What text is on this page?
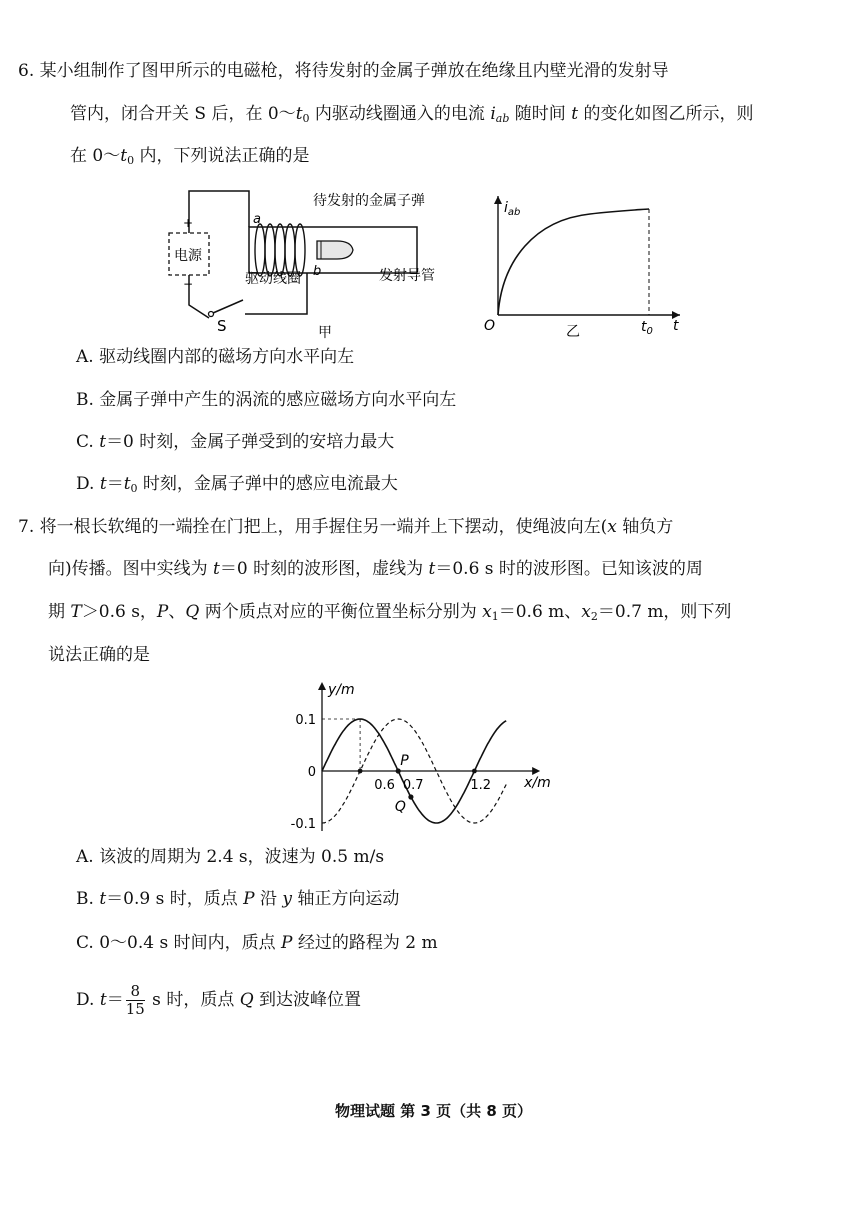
6. 某小组制作了图甲所示的电磁枪，将待发射的金属子弹放在绝缘且内壁光滑的发射导
管内，闭合开关 S 后，在 $0\sim t_0$ 内驱动线圈通入的电流 $i_{ab}$ 随时间 t 的变化如图乙所示，则
在 $0\sim t_0$ 内，下列说法正确的是
S
电源
+
−
a
b
待发射的金属子弹
驱动线圈	发射导管
甲
$i_{ab}$
O	$t_0$ t
乙
A. 驱动线圈内部的磁场方向水平向左
B. 金属子弹中产生的涡流的感应磁场方向水平向左
C. t＝0 时刻，金属子弹受到的安培力最大
D. $t=t_0$ 时刻，金属子弹中的感应电流最大
7. 将一根长软绳的一端拴在门把上，用手握住另一端并上下摆动，使绳波向左(x 轴负方
向)传播。图中实线为 t＝0 时刻的波形图，虚线为 t＝0.6 s 时的波形图。已知该波的周
期 T＞0.6 s，P、Q 两个质点对应的平衡位置坐标分别为 $x_1=0.6$ m、$x_2=0.7$ m，则下列
说法正确的是
P
Q
0.6 0.7	1.2
0.1
0
-0.1
x/m
y/m
A. 该波的周期为 2.4 s，波速为 0.5 m/s
B. t＝0.9 s 时，质点 P 沿 y 轴正方向运动
C. 0～0.4 s 时间内，质点 P 经过的路程为 2 m
D. $t= \frac{8}{15}$ s 时，质点 Q 到达波峰位置
物理试题 第 3 页（共 8 页）
